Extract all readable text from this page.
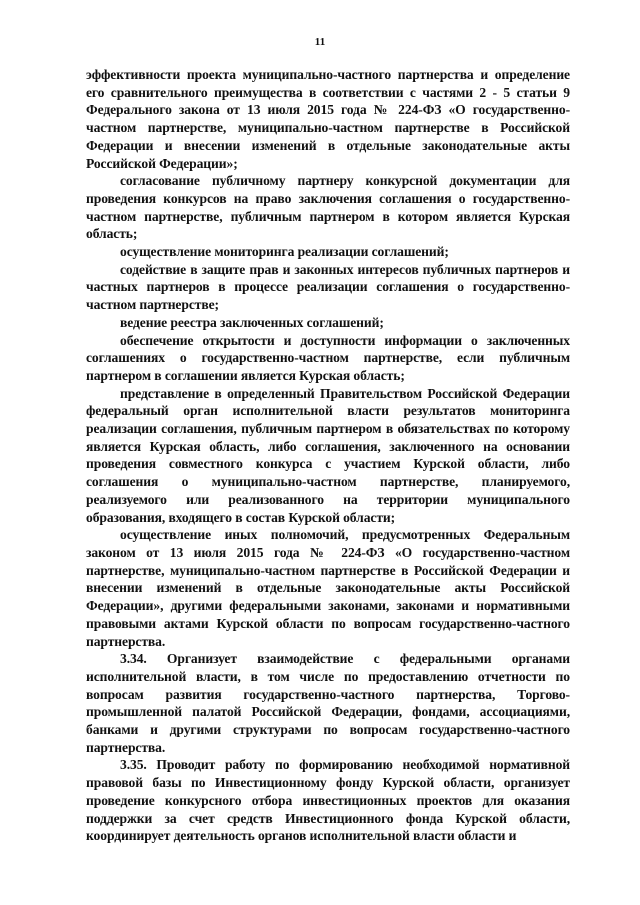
11

эффективности проекта муниципально-частного партнерства и определение его сравнительного преимущества в соответствии с частями 2 - 5 статьи 9 Федерального закона от 13 июля 2015 года № 224-ФЗ «О государственно-частном партнерстве, муниципально-частном партнерстве в Российской Федерации и внесении изменений в отдельные законодательные акты Российской Федерации»;

согласование публичному партнеру конкурсной документации для проведения конкурсов на право заключения соглашения о государственно-частном партнерстве, публичным партнером в котором является Курская область;

осуществление мониторинга реализации соглашений;

содействие в защите прав и законных интересов публичных партнеров и частных партнеров в процессе реализации соглашения о государственно-частном партнерстве;

ведение реестра заключенных соглашений;

обеспечение открытости и доступности информации о заключенных соглашениях о государственно-частном партнерстве, если публичным партнером в соглашении является Курская область;

представление в определенный Правительством Российской Федерации федеральный орган исполнительной власти результатов мониторинга реализации соглашения, публичным партнером в обязательствах по которому является Курская область, либо соглашения, заключенного на основании проведения совместного конкурса с участием Курской области, либо соглашения о муниципально-частном партнерстве, планируемого, реализуемого или реализованного на территории муниципального образования, входящего в состав Курской области;

осуществление иных полномочий, предусмотренных Федеральным законом от 13 июля 2015 года № 224-ФЗ «О государственно-частном партнерстве, муниципально-частном партнерстве в Российской Федерации и внесении изменений в отдельные законодательные акты Российской Федерации», другими федеральными законами, законами и нормативными правовыми актами Курской области по вопросам государственно-частного партнерства.

3.34. Организует взаимодействие с федеральными органами исполнительной власти, в том числе по предоставлению отчетности по вопросам развития государственно-частного партнерства, Торгово-промышленной палатой Российской Федерации, фондами, ассоциациями, банками и другими структурами по вопросам государственно-частного партнерства.

3.35. Проводит работу по формированию необходимой нормативной правовой базы по Инвестиционному фонду Курской области, организует проведение конкурсного отбора инвестиционных проектов для оказания поддержки за счет средств Инвестиционного фонда Курской области, координирует деятельность органов исполнительной власти области и
